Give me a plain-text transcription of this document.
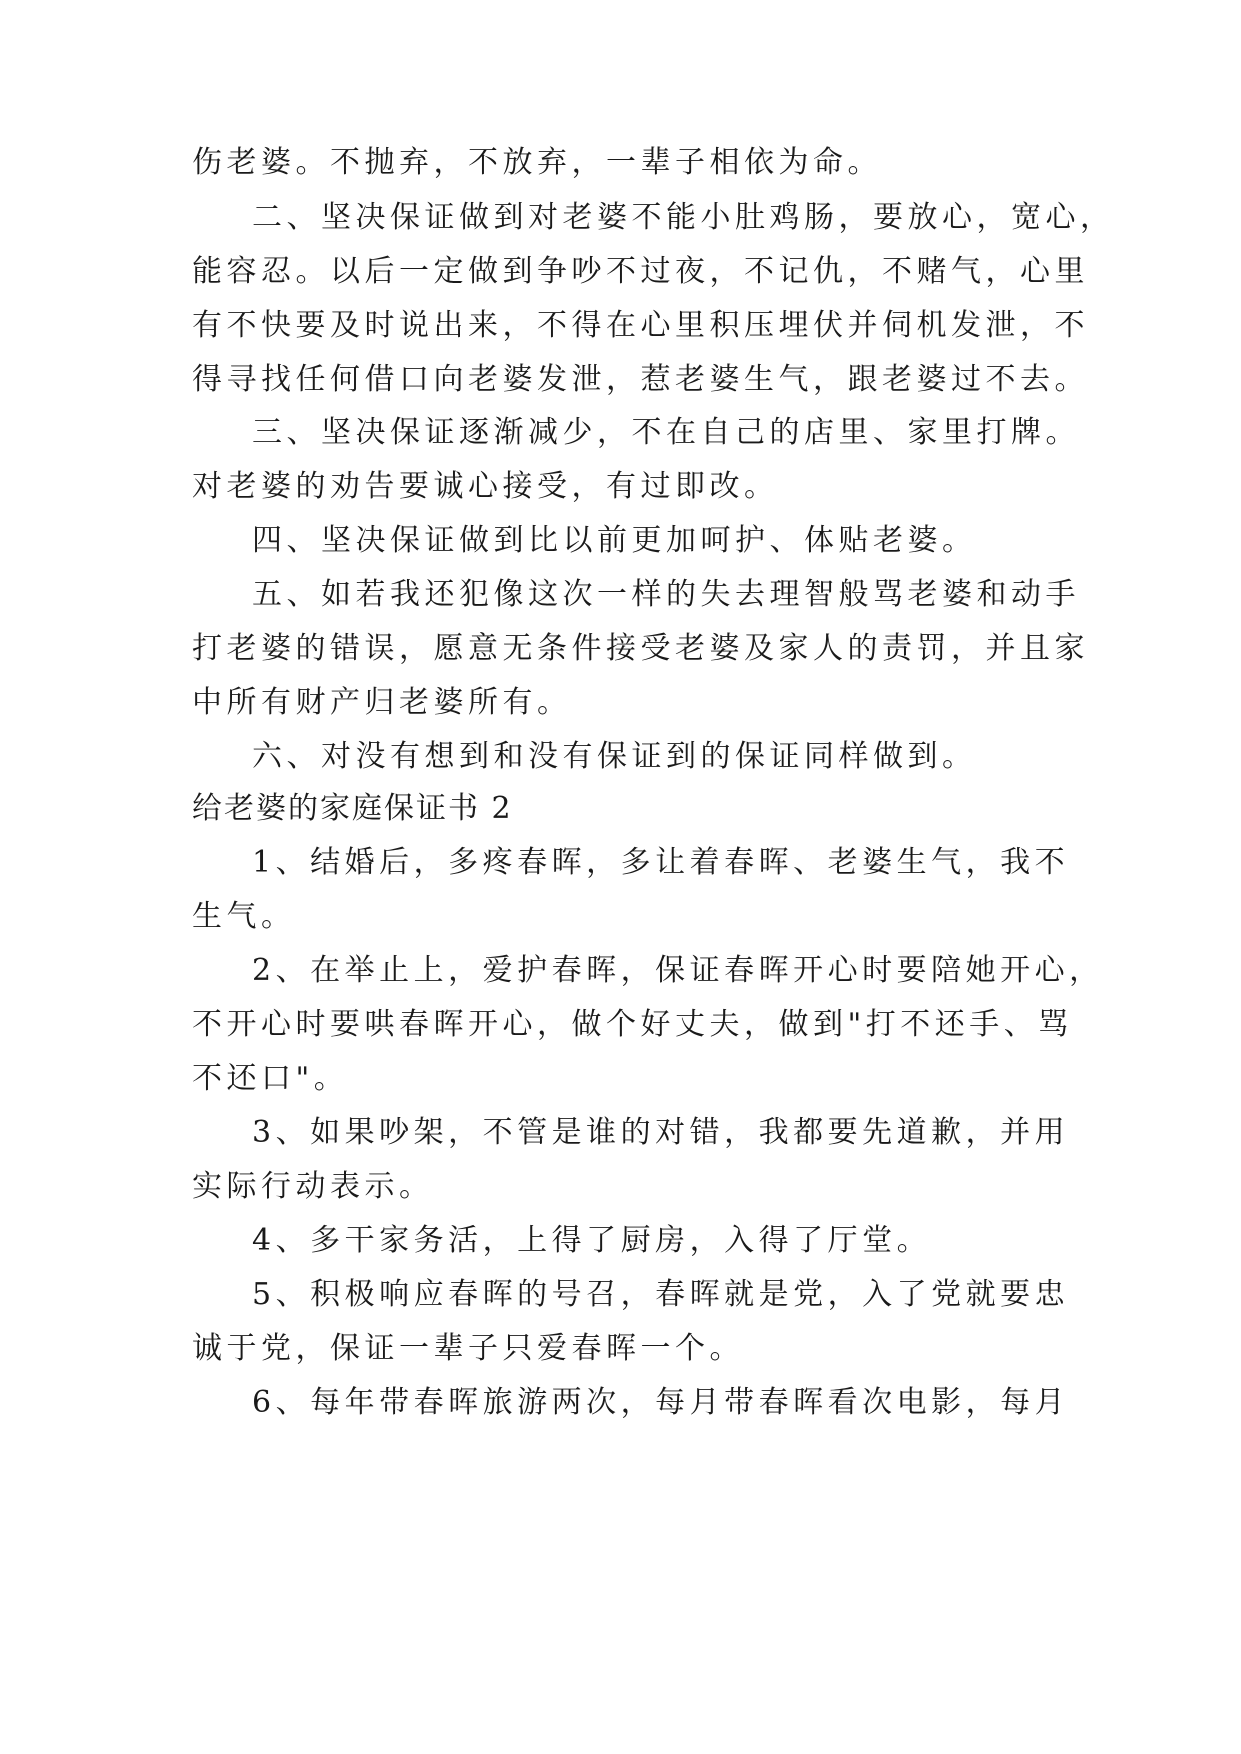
伤老婆。不抛弃，不放弃，一辈子相依为命。
二、坚决保证做到对老婆不能小肚鸡肠，要放心，宽心，
能容忍。以后一定做到争吵不过夜，不记仇，不赌气，心里
有不快要及时说出来，不得在心里积压埋伏并伺机发泄，不
得寻找任何借口向老婆发泄，惹老婆生气，跟老婆过不去。
三、坚决保证逐渐减少，不在自己的店里、家里打牌。
对老婆的劝告要诚心接受，有过即改。
四、坚决保证做到比以前更加呵护、体贴老婆。
五、如若我还犯像这次一样的失去理智般骂老婆和动手
打老婆的错误，愿意无条件接受老婆及家人的责罚，并且家
中所有财产归老婆所有。
六、对没有想到和没有保证到的保证同样做到。
给老婆的家庭保证书 2
1、结婚后，多疼春晖，多让着春晖、老婆生气，我不
生气。
2、在举止上，爱护春晖，保证春晖开心时要陪她开心，
不开心时要哄春晖开心，做个好丈夫，做到"打不还手、骂
不还口"。
3、如果吵架，不管是谁的对错，我都要先道歉，并用
实际行动表示。
4、多干家务活，上得了厨房，入得了厅堂。
5、积极响应春晖的号召，春晖就是党，入了党就要忠
诚于党，保证一辈子只爱春晖一个。
6、每年带春晖旅游两次，每月带春晖看次电影，每月
